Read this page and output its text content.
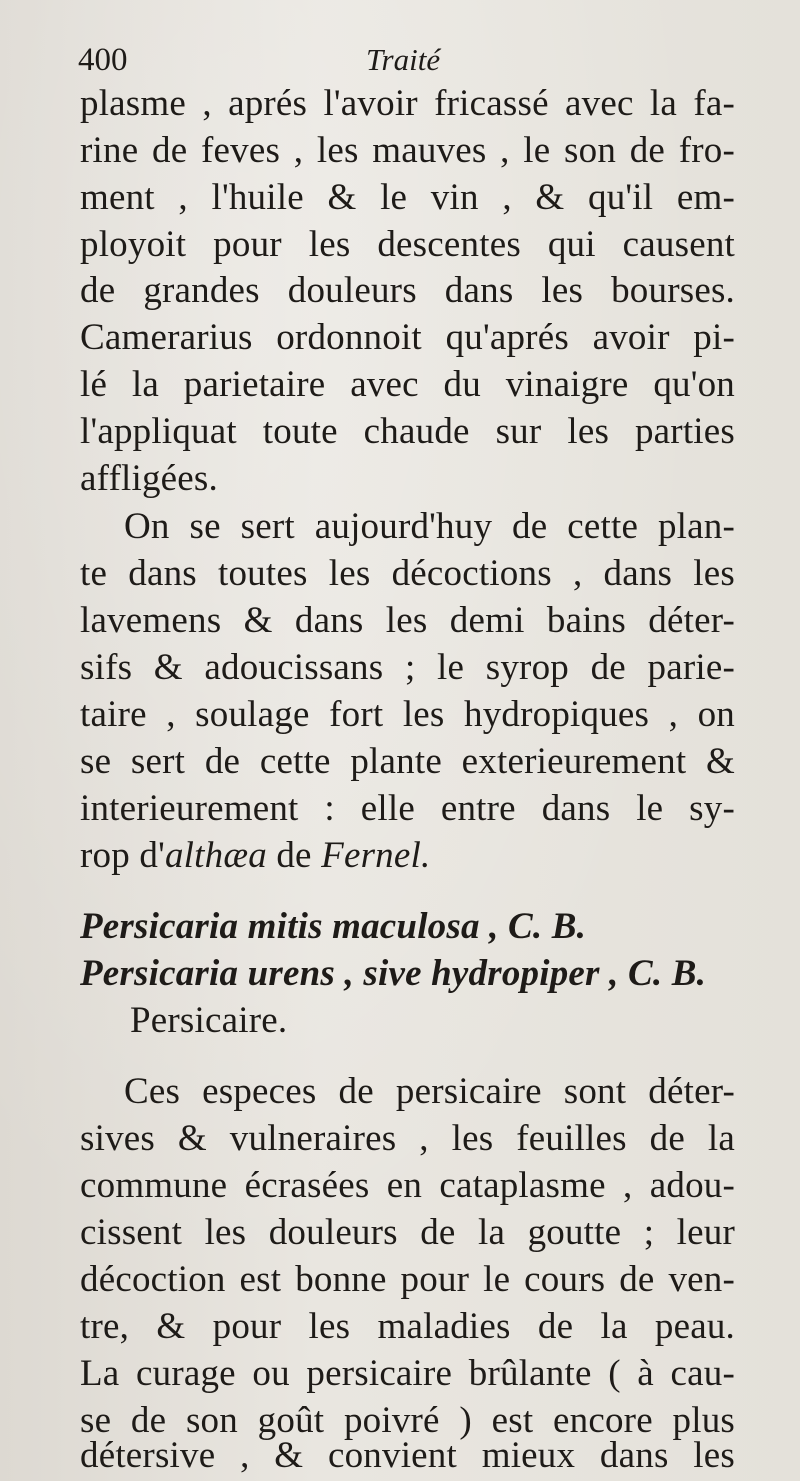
400	Traité
plasme , aprés l'avoir fricassé avec la fa-
rine de feves , les mauves , le son de fro-
ment , l'huile & le vin , & qu'il em-
ployoit pour les descentes qui causent
de grandes douleurs dans les bourses.
Camerarius ordonnoit qu'aprés avoir pi-
lé la parietaire avec du vinaigre qu'on
l'appliquat toute chaude sur les parties
affligées.
On se sert aujourd'huy de cette plan-
te dans toutes les décoctions , dans les
lavemens & dans les demi bains déter-
sifs & adoucissans ; le syrop de parie-
taire , soulage fort les hydropiques , on
se sert de cette plante exterieurement &
interieurement : elle entre dans le sy-
rop d'althæa de Fernel.
Persicaria mitis maculosa , C. B.
Persicaria urens , sive hydropiper , C. B.
Persicaire.
Ces especes de persicaire sont déter-
sives & vulneraires , les feuilles de la
commune écrasées en cataplasme , adou-
cissent les douleurs de la goutte ; leur
décoction est bonne pour le cours de ven-
tre, & pour les maladies de la peau.
La curage ou persicaire brûlante ( à cau-
se de son goût poivré ) est encore plus
détersive , & convient mieux dans les
